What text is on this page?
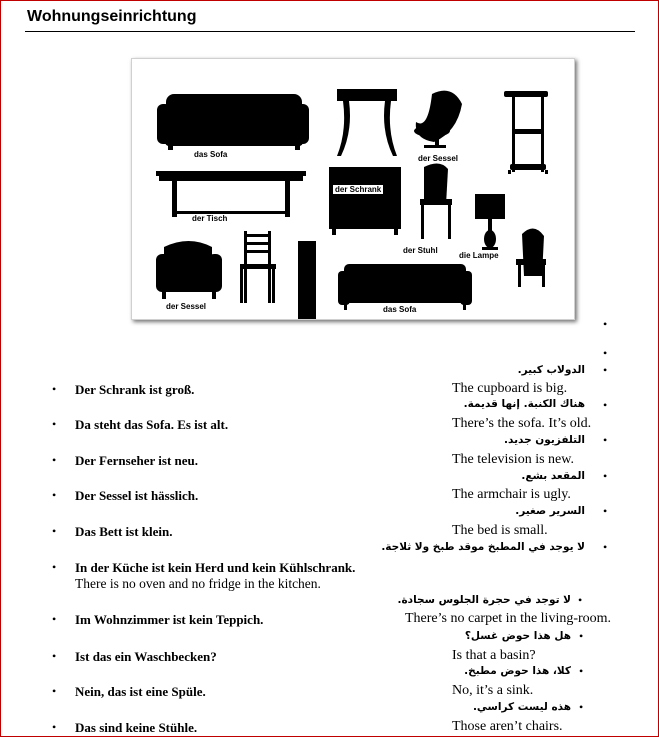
Wohnungseinrichtung
das Sofa	der Sessel
der Tisch
der Schrank
der Stuhl
die Lampe
der Sessel	das Sofa
•
•
•
الدولاب كبير.
• Der Schrank ist groß.	The cupboard is big.
•
هناك الكنبة. إنها قديمة.
• Da steht das Sofa. Es ist alt.	There’s the sofa. It’s old.
•
التلفزيون جديد.
• Der Fernseher ist neu.	The television is new.
•
المقعد بشع.
• Der Sessel ist hässlich.	The armchair is ugly.
•
السرير صغير.
• Das Bett ist klein.	The bed is small.
•
لا يوجد في المطبخ موقد طبخ ولا ثلاجة.
• In der Küche ist kein Herd und kein Kühlschrank.
There is no oven and no fridge in the kitchen.
•
لا توجد في حجرة الجلوس سجادة.
• Im Wohnzimmer ist kein Teppich.	There’s no carpet in the living-room.
•
هل هذا حوض غسل؟
• Ist das ein Waschbecken?	Is that a basin?
•
كلا، هذا حوض مطبخ.
• Nein, das ist eine Spüle.	No, it’s a sink.
•
هذه ليست كراسي.
• Das sind keine Stühle.	Those aren’t chairs.
